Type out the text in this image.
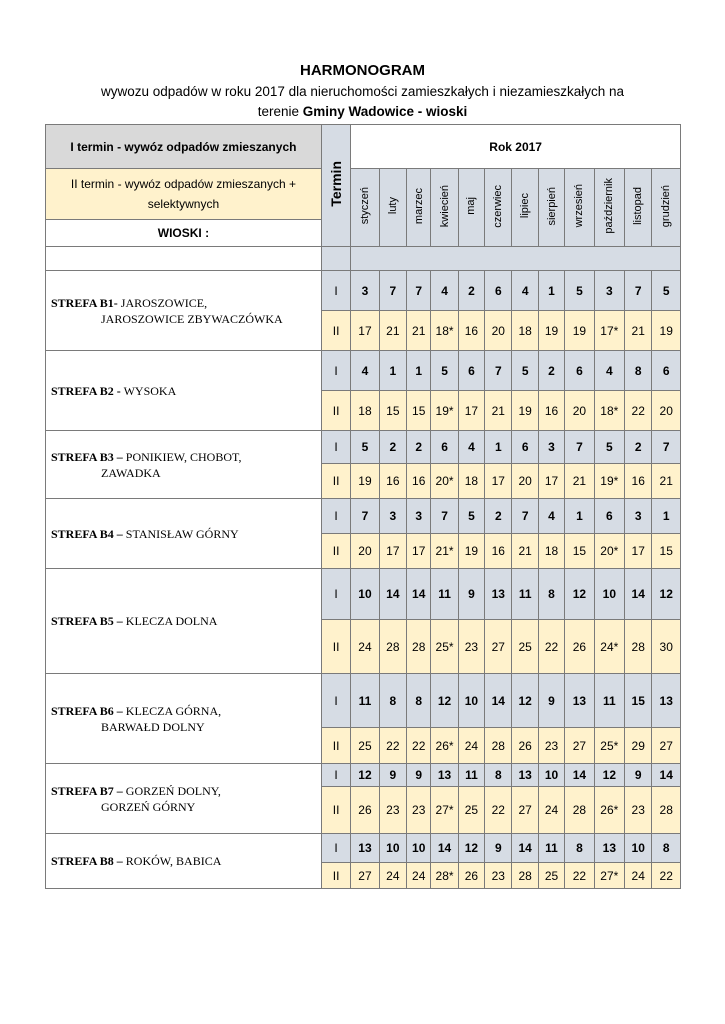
HARMONOGRAM
wywozu odpadów w roku 2017 dla nieruchomości zamieszkałych i niezamieszkałych na
terenie Gminy Wadowice - wioski
I termin - wywóz odpadów zmieszanych	Termin	Rok 2017											
II termin - wywóz odpadów zmieszanych + selektywnych		styczeń	luty	marzec	kwiecień	maj	czerwiec	lipiec	sierpień	wrzesień	październik	listopad	grudzień
WIOSKI :													

STREFA B1- JAROSZOWICE,
JAROSZOWICE ZBYWACZÓWKA	I	3	7	7	4	2	6	4	1	5	3	7	5
	II	17	21	21	18*	16	20	18	19	19	17*	21	19
STREFA B2 - WYSOKA	I	4	1	1	5	6	7	5	2	6	4	8	6
	II	18	15	15	19*	17	21	19	16	20	18*	22	20
STREFA B3 – PONIKIEW, CHOBOT,
ZAWADKA	I	5	2	2	6	4	1	6	3	7	5	2	7
	II	19	16	16	20*	18	17	20	17	21	19*	16	21
STREFA B4 – STANISŁAW GÓRNY	I	7	3	3	7	5	2	7	4	1	6	3	1
	II	20	17	17	21*	19	16	21	18	15	20*	17	15
STREFA B5 – KLECZA DOLNA	I	10	14	14	11	9	13	11	8	12	10	14	12
	II	24	28	28	25*	23	27	25	22	26	24*	28	30
STREFA B6 – KLECZA GÓRNA,
BARWAŁD DOLNY	I	11	8	8	12	10	14	12	9	13	11	15	13
	II	25	22	22	26*	24	28	26	23	27	25*	29	27
STREFA B7 – GORZEŃ DOLNY,
GORZEŃ GÓRNY	I	12	9	9	13	11	8	13	10	14	12	9	14
	II	26	23	23	27*	25	22	27	24	28	26*	23	28
STREFA B8 – ROKÓW, BABICA	I	13	10	10	14	12	9	14	11	8	13	10	8
	II	27	24	24	28*	26	23	28	25	22	27*	24	22
